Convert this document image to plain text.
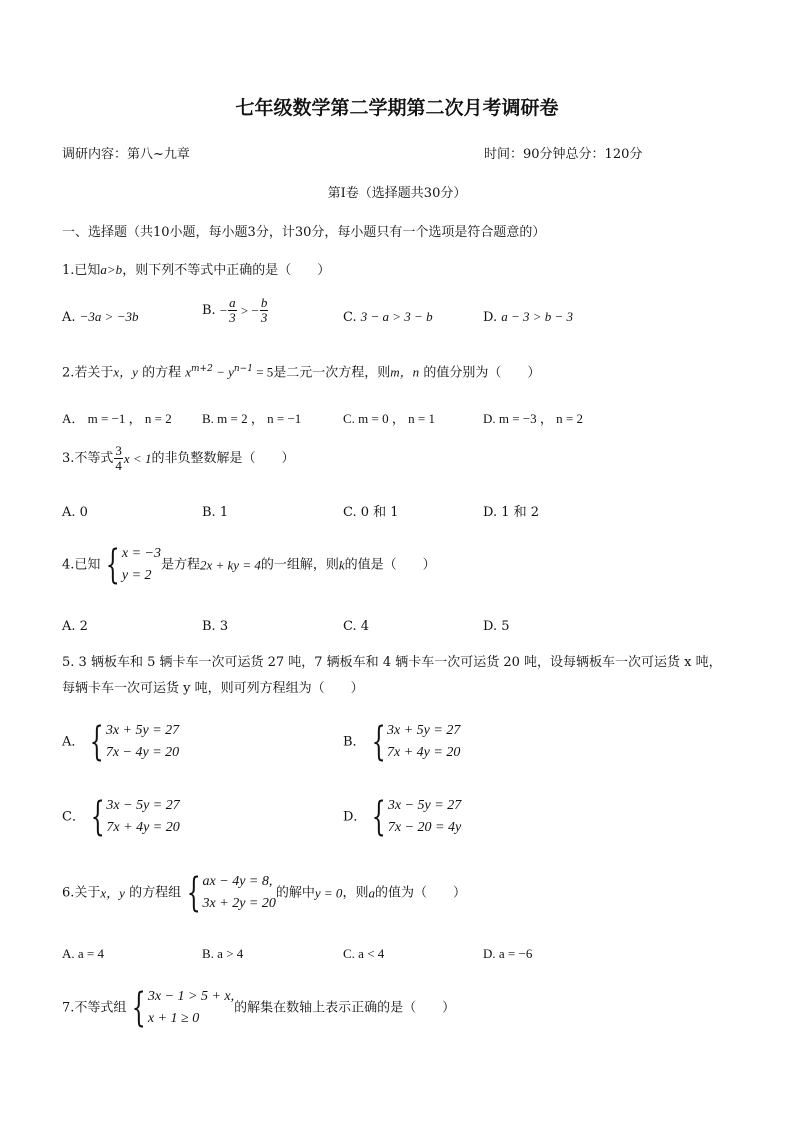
七年级数学第二学期第二次月考调研卷
调研内容：第八~九章	时间：90分钟总分：120分
第Ⅰ卷（选择题共30分）
一、选择题（共10小题，每小题3分，计30分，每小题只有一个选项是符合题意的）
1.已知a>b，则下列不等式中正确的是（　　）
A. −3a > −3b	B. − $\frac{a}{3}$ > − $\frac{b}{3}$	C. 3 − a > 3 − b	D. a − 3 > b − 3
2.若关于x，y 的方程 $x^{m+2} - y^{n-1} = 5$是二元一次方程，则m，n 的值分别为（　　）
A． m = −1 ， n = 2 B. m = 2 ， n = −1	C. m = 0 ， n = 1	D. m = −3 ， n = 2
3.不等式 $\frac{3}{4}$ x < 1的非负整数解是（　　）
A. 0	B. 1	C. 0 和 1	D. 1 和 2
4.已知 { x = −3
y = 2
是方程2x + ky = 4的一组解，则k的值是（　　）
A. 2	B. 3	C. 4	D. 5
5. 3 辆板车和 5 辆卡车一次可运货 27 吨，7 辆板车和 4 辆卡车一次可运货 20 吨，设每辆板车一次可运货 x 吨，
每辆卡车一次可运货 y 吨，则可列方程组为（　　）
A． { 3x + 5y = 27
7x − 4y = 20
B． { 3x + 5y = 27
7x + 4y = 20
C． { 3x − 5y = 27
7x + 4y = 20
D． { 3x − 5y = 27
7x − 20 = 4y
6.关于x，y 的方程组 { ax − 4y = 8,
3x + 2y = 20
的解中y = 0，则a的值为（　　）
A. a = 4	B. a > 4	C. a < 4	D. a = −6
7.不等式组 { 3x − 1 > 5 + x,
x + 1 ≥ 0
的解集在数轴上表示正确的是（　　）
